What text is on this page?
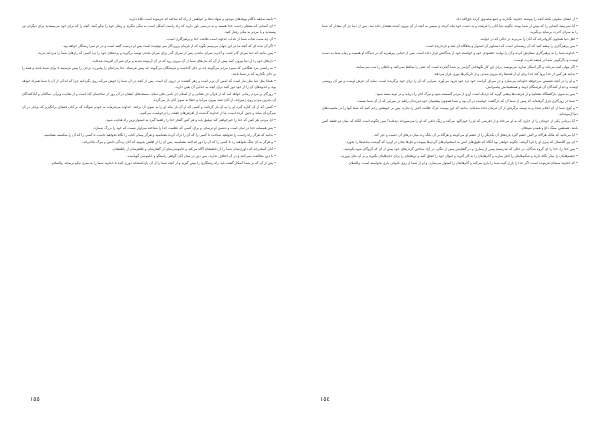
• تابیته سابقه باکلام بهیئه‌های موجود و شهادت‌ها بر خواهش از راه که ساخته اند فرموده است نکاه دارید.

• ای کسانی که منتظر رحمت خدا هستید و به درستی باور دارید که راه راست آشکار است به نیکی بنگرید و رفتار خود را نیکو کنید. آنچه را که برای خود می‌پسندید برای دیگران نیز بپسندید و با مردم به نیکی رفتار کنید.

• آن چه سبب نجات شما از عذاب خداوند است طاعت خدا و پرهیزگاری است.

• اگر آن بنده ای که آنچه ما در این جهان می‌بینیم بگوید که از فرمان پروردگار سر نپیچیده است پس او درست گفته است و در دو سرا رستگار خواهد بود.

• پس بدانید که دنیا سرای گذر است و آخرت سرای ماندن، پس از سرای گذر برای سرای ماندن توشه برگیرید و پرده‌های خود را نزد کسی که رازهای شما را می‌داند ندرید.

• دل‌های خود را از دنیا بیرون کنید پیش از آن که بدن‌های شما از آن بیرون رود که در آن آزموده شدید و برای غیر آن آفریده شده‌اید.

• به راستی مرد هنگامی که بمیرد مردم می‌گویند چه بر جای گذاشت و فرشتگان می‌گویند چه پیش فرستاد. خدا پدرانتان را بیامرزد، برخی را پیش فرستید تا برای شما باشد و همه را بر جای نگذارید که بر شما باشد.

• همانا مثل دنیا مثل مار است که لمس آن نرم است و زهر کشنده در درون آن است. پس از آنچه در آن شما را خوش می‌آید روی بگردانید چرا که اندکی از آن با شما همراه خواهد بود، و اندوه‌های آن را از خود دور کنید برای آنچه به جدایی آن یقین دارید.

• روزگار بر مردم زمانی خواهد آمد که از قرآن جز نشانی و از اسلام جز نامی باقی نماند. مسجدهای ایشان در آن روز از ساختمان آباد است و از هدایت ویران. ساکنان و آبادکنندگان آن بدترین مردم روی زمین‌اند، از آنان فتنه بیرون می‌آید و خطا به سوی آنان باز می‌گردد.

• کسی که از آن کناره گیرد او را به آن باز گردانند و کسی که از آن باز ماند او را به سوی آن برانند. خداوند می‌فرماید به خودم سوگند که بر آنان فتنه‌ای برانگیزم که بردبار در آن سرگردان بماند و چنین کرده است. ما از خداوند گذشت از لغزش‌های غفلت را درخواست می‌کنیم.

• ای مردم، هر کس که خدا را خیرخواهی کند توفیق یابد و هر کس گفتار خدا را راهنما گیرد به استوارترین راه هدایت شود.

• پس همسایه خدا در امان است و دشمن او ترسان. و برای کسی که عظمت خدا را شناخته سزاوار نیست که خود را بزرگ شمارد.

• بدانید که هرگز راه راست را نخواهید شناخت تا کسی را که آن را ترک کرده بشناسید و هرگز پیمان کتاب را نگاه نخواهید داشت تا کسی را که آن را شکسته بشناسید.

• و هرگز به آن چنگ نخواهید زد تا کسی را که آن را دور انداخته بشناسید. پس آن را از اهلش بجویید که آنان زندگی دانش و مرگ نادانی‌اند.

• آنان کسانی‌اند که داوری‌شان شما را از دانششان آگاه می‌کند و خاموشی‌شان از گفتارشان و ظاهرشان از باطنشان.

• با دین مخالفت نمی‌کنند و در آن اختلاف ندارند. پس دین در میان آنان گواهی راستگو و خاموشی گویاست.

• پس از آن که بر شما آشکار گشت باید راه رستگاری را پیش گیرید و از آنچه شما را از آن بازداشته‌اند دوری کنید تا خداوند شما را به منزل نیکو برساند. والسلام.

١٥٥

• از ایشان سلوتی بکنند آنچه را بپوشند خداوند بگذارند و جمع مصدوق کرده حق‌الله داد.

• آیا نمی‌بینید کسانی را که پیش از شما بودند چگونه دنیا آنان را فریفت و به دست خود تباه کردند و سپس به آنچه از آن بیرون آمدند هشدار داده شد. پس از دنیا جز آن مقدار که شما را به سرای آخرت برساند برنگیرید.

• اهل دنیا همچون کاروانی‌اند که آنان را می‌برند در حالی که در خوابند.

• پس پرهیزگاری را پیشه کنید که آن ریسمانی است که دستاویز آن استوار و پناهگاه آن بلند و بازدارنده است.

• خداوند شما را به پرهیزگاری سفارش کرده و آن را نهایت خشنودی خود و خواسته خود از بندگانش قرار داده است. پس از خدایی بپرهیزید که در دیدگاه او هستید و زمام شما به دست اوست و دگرگونی شما در قبضه قدرت اوست.

• اگر پنهان کنید می‌داند و اگر آشکار سازید می‌نویسد. برای این کار نگهبانانی گرامی بر شما گمارده است که حقی را ساقط نمی‌کنند و باطلی را ثبت نمی‌نمایند.

• بدانید هر کس از خدا پروا کند خدا برای او از فتنه‌ها راه بیرون شدنی و از تاریکی‌ها نوری قرار می‌دهد.

• و او را در آنچه نفسش می‌خواهد جاودانه می‌سازد و در سرای کرامت خود نزد خود فرود می‌آورد، سرایی که آن را برای خود برگزیده است. سایه آن عرش اوست و نور آن روشنی اوست و دیدار کنندگان آن فرشتگان اویند و همنشینانش پیامبرانش.

• پس به سوی بازگشتگاه بشتابید و از فرصت‌ها پیشی گیرید که نزدیک است آرزو از مردم گسسته شود و مرگ آنان را دریابد و در توبه بسته شود.

• شما در روزگاری قرار گرفته‌اید که پیش از شما آن که بازگشت خواست در آن بود و شما همچون پیشینیان خود فرزندان راهید در سرایی که از آن شما نیست.

• و کوچ شما از آن اعلام شده و به توشه برگرفتن از آن فرمان داده شده‌اید. بدانید که این پوست نازک طاقت آتش را ندارد، پس بر خویشتن رحم کنید که شما آنها را در مصیبت‌های دنیا آزموده‌اید.

• آیا بی‌تابی یکی از خودتان را از خاری که به او می‌خلد و از لغزشی که او را خون‌آلود می‌کند و ریگ داغی که او را می‌سوزاند دیده‌اید؟ پس چگونه است آنگاه که میان دو طبقه آتش باشد، همنشین سنگ داغ و همدم شیطان.

• آیا می‌دانید که مالک هرگاه بر آتش خشم گیرد پاره‌های آن یکدیگر را از خشم او می‌کوبند و هرگاه بر آن بانگ زند میان درهای آن جست و خیز کند.

• ای پیر کلانسال که پیری او را فرا گرفته، چگونه خواهی بود آنگاه که طوق‌های آتش به استخوان‌های گردن‌ها بپیوندد و غل‌ها چنان در آویزد که گوشت ساعدها را بخورد.

• پس خدا را، خدا را ای گروه بندگان، در حالی که تندرستید پیش از بیماری و در گشایش پیش از تنگی، در آزاد ساختن گردن‌های خود پیش از آن که گروگان شود بکوشید.

• چشم‌هایتان را بیدار نگاه دارید و شکم‌هایتان را لاغر سازید و گام‌هایتان را به کار گیرید و اموال خود را انفاق کنید و تن‌هایتان را برای جان‌هایتان بگیرید و بر آن بخل نورزید.

• که خداوند سبحان فرموده است: اگر خدا را یاری کنید شما را یاری می‌کند و گام‌هایتان را استوار می‌سازد. و او از شما از روی ناتوانی یاری نخواسته است. والسلام.

١٥٤
